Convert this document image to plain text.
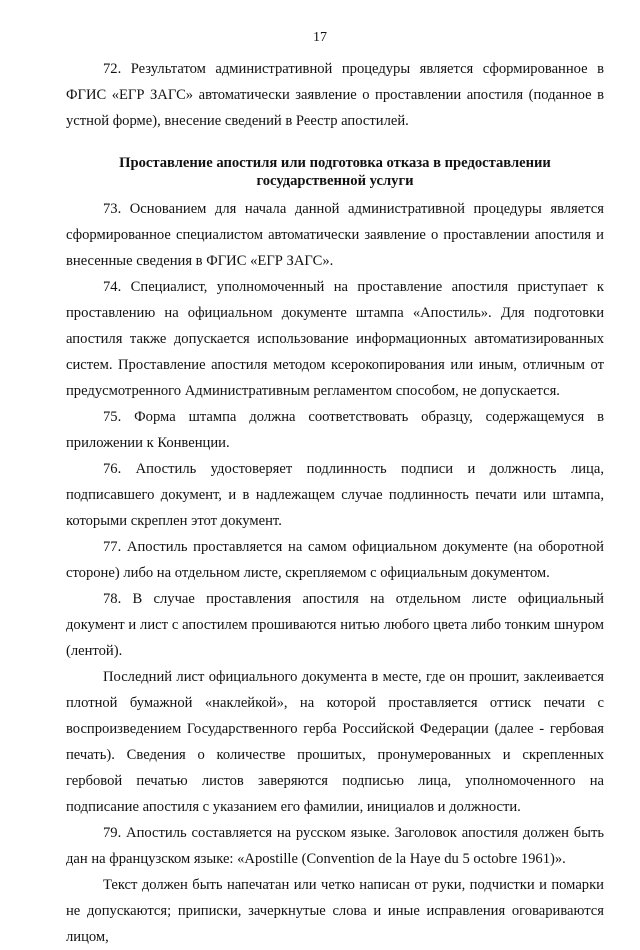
17

72. Результатом административной процедуры является сформированное в ФГИС «ЕГР ЗАГС» автоматически заявление о проставлении апостиля (поданное в устной форме), внесение сведений в Реестр апостилей.

Проставление апостиля или подготовка отказа в предоставлении государственной услуги

73. Основанием для начала данной административной процедуры является сформированное специалистом автоматически заявление о проставлении апостиля и внесенные сведения в ФГИС «ЕГР ЗАГС».

74. Специалист, уполномоченный на проставление апостиля приступает к проставлению на официальном документе штампа «Апостиль». Для подготовки апостиля также допускается использование информационных автоматизированных систем. Проставление апостиля методом ксерокопирования или иным, отличным от предусмотренного Административным регламентом способом, не допускается.

75. Форма штампа должна соответствовать образцу, содержащемуся в приложении к Конвенции.

76. Апостиль удостоверяет подлинность подписи и должность лица, подписавшего документ, и в надлежащем случае подлинность печати или штампа, которыми скреплен этот документ.

77. Апостиль проставляется на самом официальном документе (на оборотной стороне) либо на отдельном листе, скрепляемом с официальным документом.

78. В случае проставления апостиля на отдельном листе официальный документ и лист с апостилем прошиваются нитью любого цвета либо тонким шнуром (лентой).

Последний лист официального документа в месте, где он прошит, заклеивается плотной бумажной «наклейкой», на которой проставляется оттиск печати с воспроизведением Государственного герба Российской Федерации (далее - гербовая печать). Сведения о количестве прошитых, пронумерованных и скрепленных гербовой печатью листов заверяются подписью лица, уполномоченного на подписание апостиля с указанием его фамилии, инициалов и должности.

79. Апостиль составляется на русском языке. Заголовок апостиля должен быть дан на французском языке: «Apostille (Convention de la Haye du 5 octobre 1961)».

Текст должен быть напечатан или четко написан от руки, подчистки и помарки не допускаются; приписки, зачеркнутые слова и иные исправления оговариваются лицом,
